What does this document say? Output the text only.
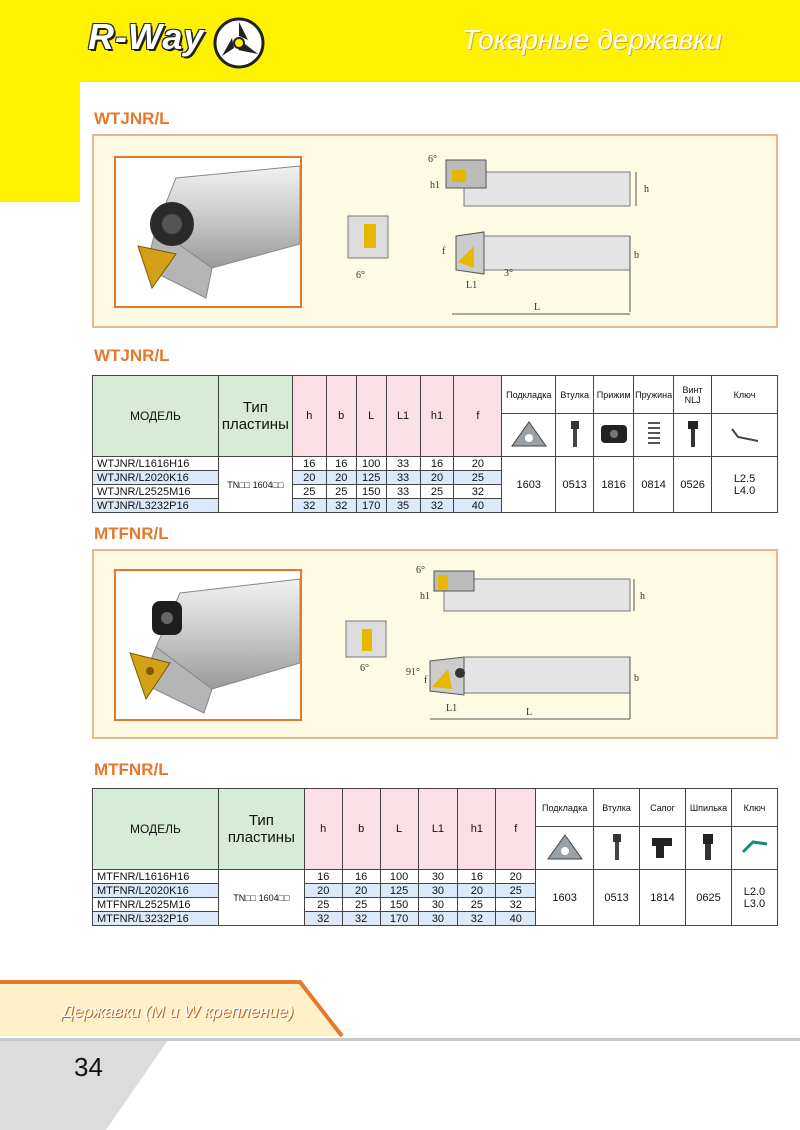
R-Way	Токарные державки
WTJNR/L
6°
h1	h
6°
f	b
L1
3°
L
WTJNR/L
МОДЕЛЬ	Тип
пластины	h	b	L	L1	h1	f	Подкладка	Втулка	Прижим	Пружина	Винт NLJ	Ключ

WTJNR/L1616H16	TN□□ 1604□□	16	16	100	33	16	20	1603	0513	1816	0814	0526	L2.5
L4.0
WTJNR/L2020K16		20	20	125	33	20	25						
WTJNR/L2525M16		25	25	150	33	25	32						
WTJNR/L3232P16		32	32	170	35	32	40						
MTFNR/L
6°
h1	h
6°	91°
f	b
L1	L
MTFNR/L
МОДЕЛЬ	Тип
пластины	h	b	L	L1	h1	f	Подкладка	Втулка	Сапог	Шпилька	Ключ

MTFNR/L1616H16	TN□□ 1604□□	16	16	100	30	16	20	1603	0513	1814	0625	L2.0
L3.0
MTFNR/L2020K16		20	20	125	30	20	25					
MTFNR/L2525M16		25	25	150	30	25	32					
MTFNR/L3232P16		32	32	170	30	32	40					
Державки (M и W крепление)
34
